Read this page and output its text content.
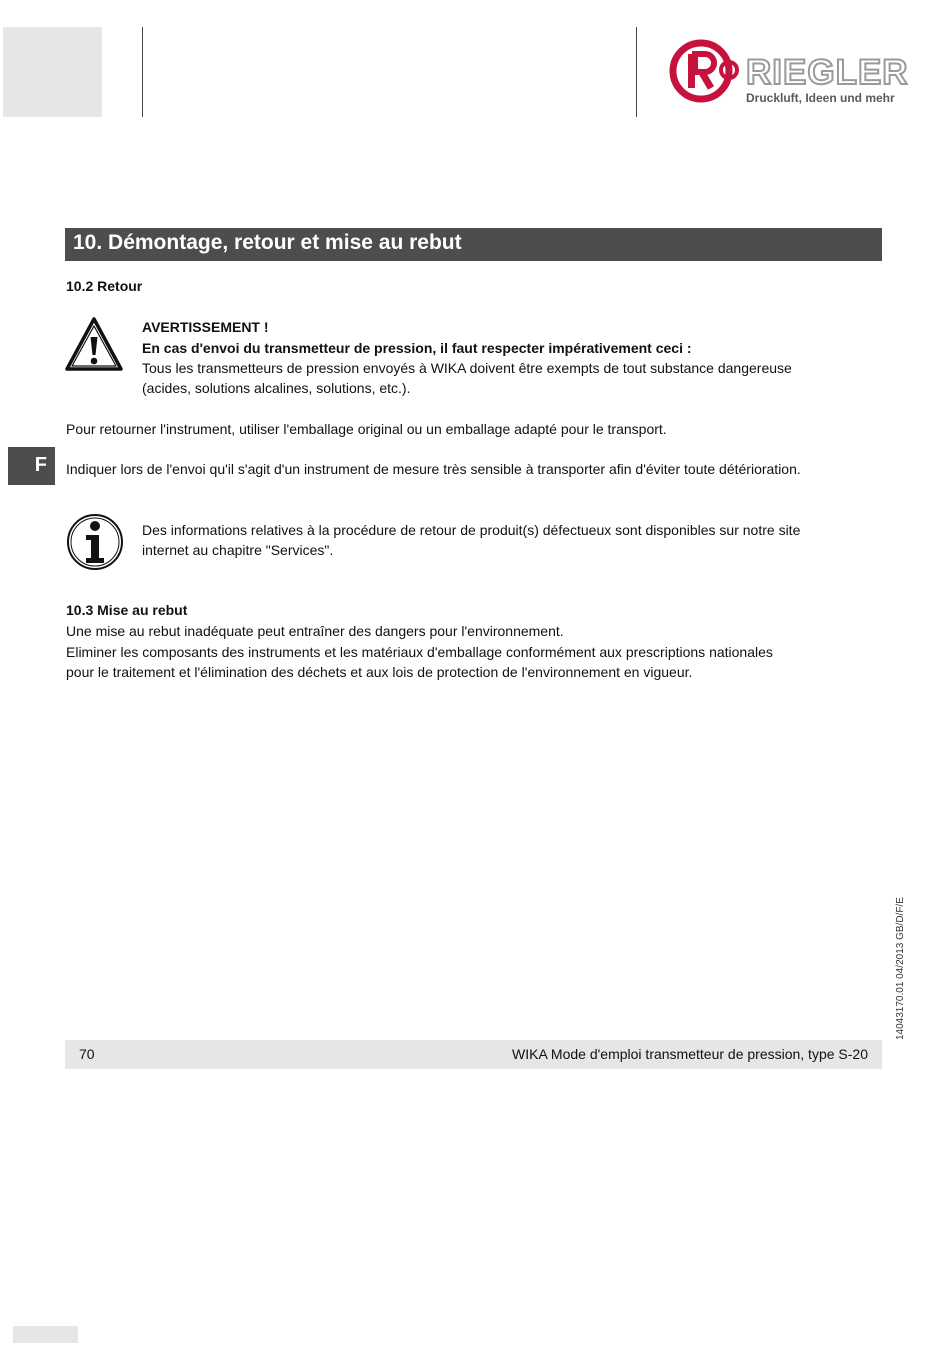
RIEGLER
Druckluft, Ideen und mehr
10. Démontage, retour et mise au rebut
10.2 Retour
AVERTISSEMENT !
En cas d'envoi du transmetteur de pression, il faut respecter impérativement ceci :
Tous les transmetteurs de pression envoyés à WIKA doivent être exempts de tout substance dangereuse
(acides, solutions alcalines, solutions, etc.).
Pour retourner l'instrument, utiliser l'emballage original ou un emballage adapté pour le transport.
F	Indiquer lors de l'envoi qu'il s'agit d'un instrument de mesure très sensible à transporter afin d'éviter toute détérioration.
Des informations relatives à la procédure de retour de produit(s) défectueux sont disponibles sur notre site
internet au chapitre "Services".
10.3 Mise au rebut
Une mise au rebut inadéquate peut entraîner des dangers pour l'environnement.
Eliminer les composants des instruments et les matériaux d'emballage conformément aux prescriptions nationales
pour le traitement et l'élimination des déchets et aux lois de protection de l'environnement en vigueur.
14043170.01 04/2013 GB/D/F/E
70	WIKA Mode d'emploi transmetteur de pression, type S-20
